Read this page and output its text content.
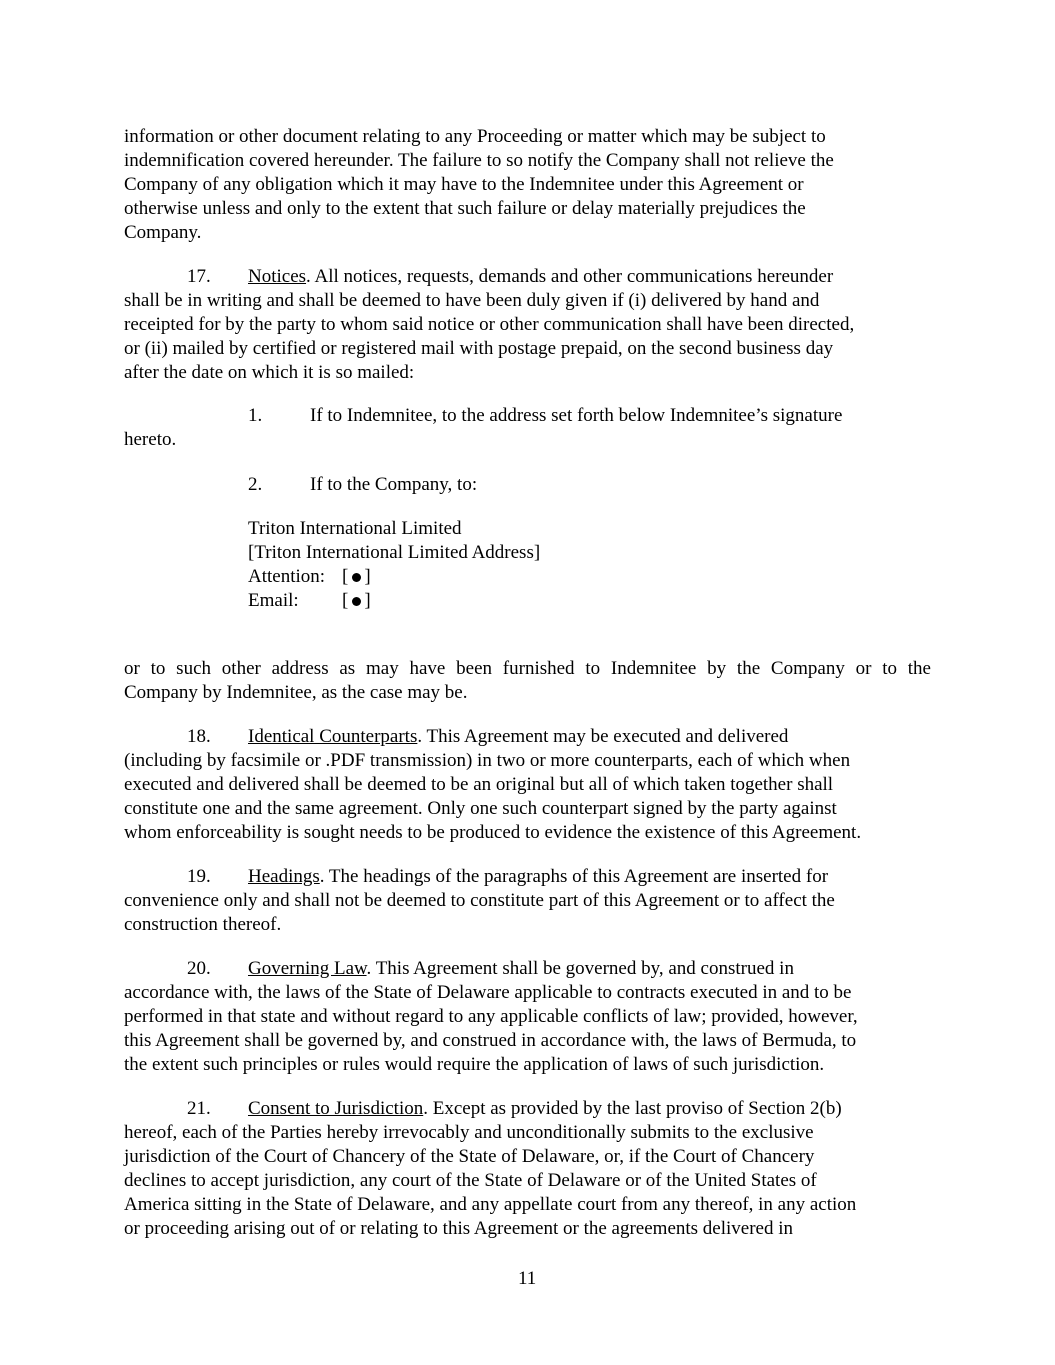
information or other document relating to any Proceeding or matter which may be subject to
indemnification covered hereunder. The failure to so notify the Company shall not relieve the
Company of any obligation which it may have to the Indemnitee under this Agreement or
otherwise unless and only to the extent that such failure or delay materially prejudices the
Company.
17. Notices. All notices, requests, demands and other communications hereunder
shall be in writing and shall be deemed to have been duly given if (i) delivered by hand and
receipted for by the party to whom said notice or other communication shall have been directed,
or (ii) mailed by certified or registered mail with postage prepaid, on the second business day
after the date on which it is so mailed:
1.	If to Indemnitee, to the address set forth below Indemnitee’s signature
hereto.
2.	If to the Company, to:
Triton International Limited
[Triton International Limited Address]
Attention: [ ]
Email: [ ]
or to such other address as may have been furnished to Indemnitee by the Company or to the
Company by Indemnitee, as the case may be.
18. Identical Counterparts. This Agreement may be executed and delivered
(including by facsimile or .PDF transmission) in two or more counterparts, each of which when
executed and delivered shall be deemed to be an original but all of which taken together shall
constitute one and the same agreement. Only one such counterpart signed by the party against
whom enforceability is sought needs to be produced to evidence the existence of this Agreement.
19. Headings. The headings of the paragraphs of this Agreement are inserted for
convenience only and shall not be deemed to constitute part of this Agreement or to affect the
construction thereof.
20. Governing Law. This Agreement shall be governed by, and construed in
accordance with, the laws of the State of Delaware applicable to contracts executed in and to be
performed in that state and without regard to any applicable conflicts of law; provided, however,
this Agreement shall be governed by, and construed in accordance with, the laws of Bermuda, to
the extent such principles or rules would require the application of laws of such jurisdiction.
21. Consent to Jurisdiction. Except as provided by the last proviso of Section 2(b)
hereof, each of the Parties hereby irrevocably and unconditionally submits to the exclusive
jurisdiction of the Court of Chancery of the State of Delaware, or, if the Court of Chancery
declines to accept jurisdiction, any court of the State of Delaware or of the United States of
America sitting in the State of Delaware, and any appellate court from any thereof, in any action
or proceeding arising out of or relating to this Agreement or the agreements delivered in
11
